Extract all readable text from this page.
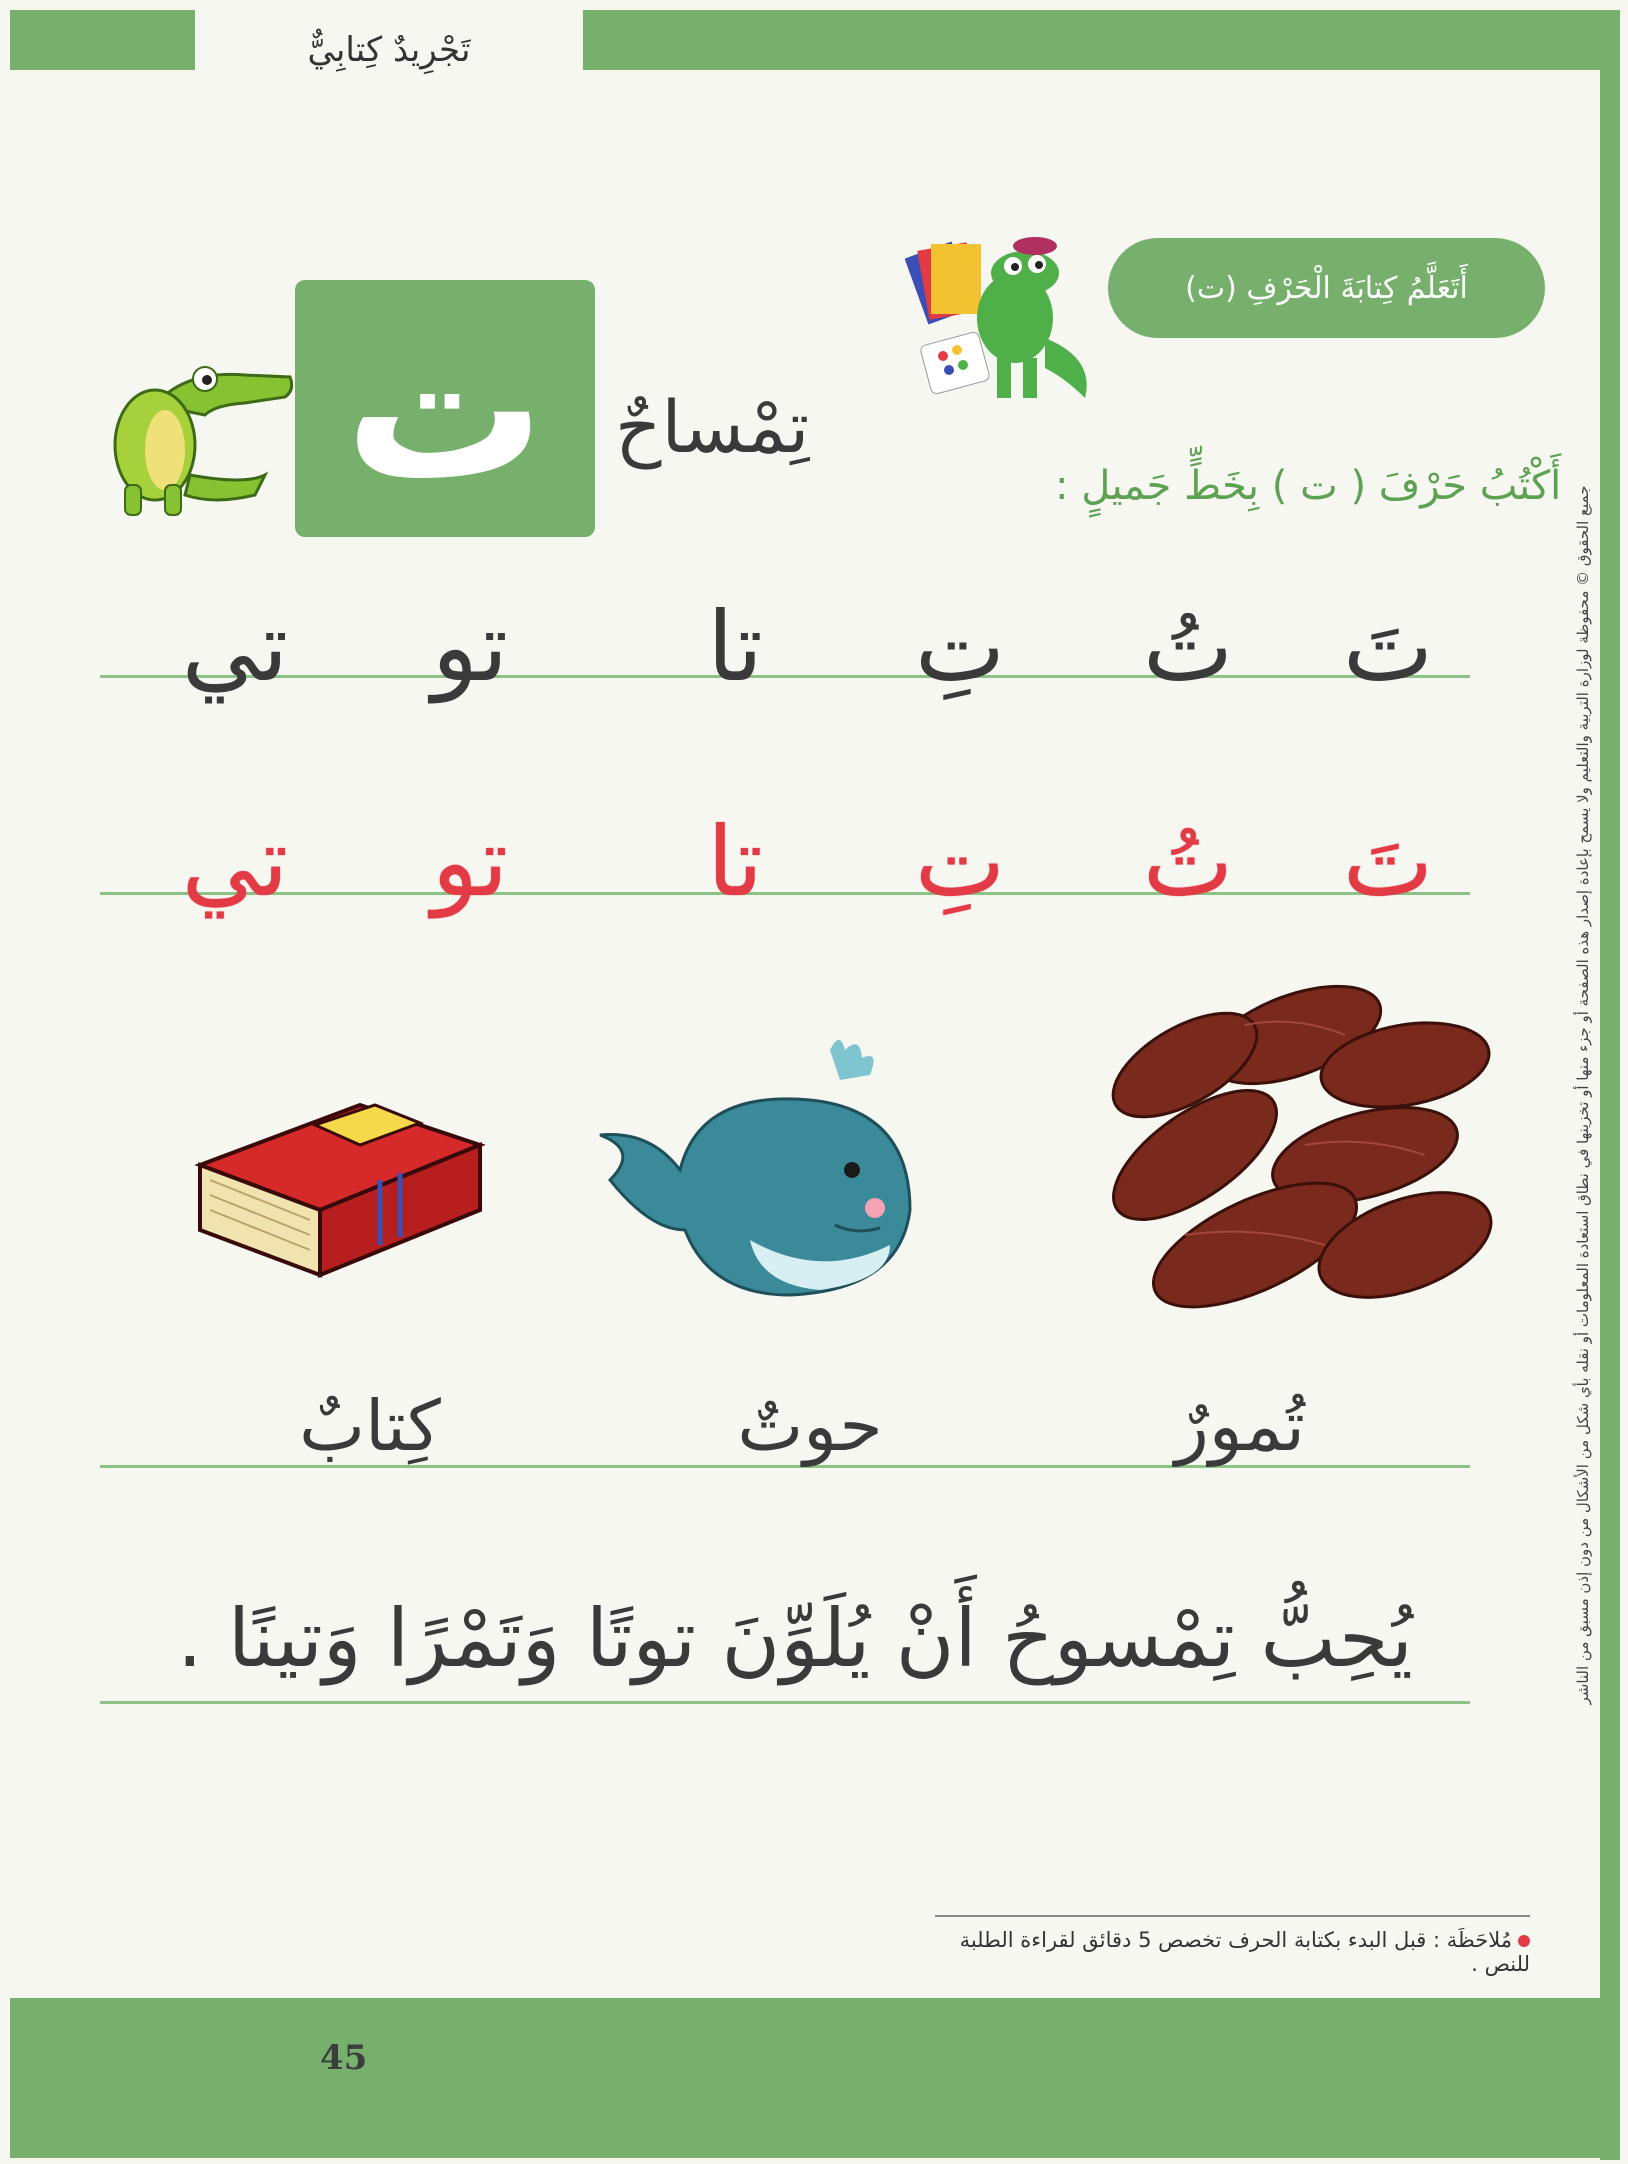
تَجْرِيدٌ كِتابِيٌّ
أَتَعَلَّمُ كِتابَةَ الْحَرْفِ (ت)
ت تِمْساحٌ
أَكْتُبُ حَرْفَ ( ت ) بِخَطٍّ جَميلٍ : جميع الحقوق © محفوظة لوزارة التربية والتعليم ولا يسمح بإعادة إصدار هذه الصفحة أو جزء منها أو تخزينها في نطاق استعادة المعلومات أو نقله بأي شكل من الأشكال من دون إذن مسبق من الناشر
تَ
تُ
تِ
تا
تو
تي
تَ
تُ
تِ
تا
تو
تي
تُمورٌ
حوتٌ
كِتابٌ
يُحِبُّ تِمْسوحُ أَنْ يُلَوِّنَ توتًا وَتَمْرًا وَتينًا .
مُلاحَظَة : قبل البدء بكتابة الحرف تخصص 5 دقائق لقراءة الطلبة للنص .
45
